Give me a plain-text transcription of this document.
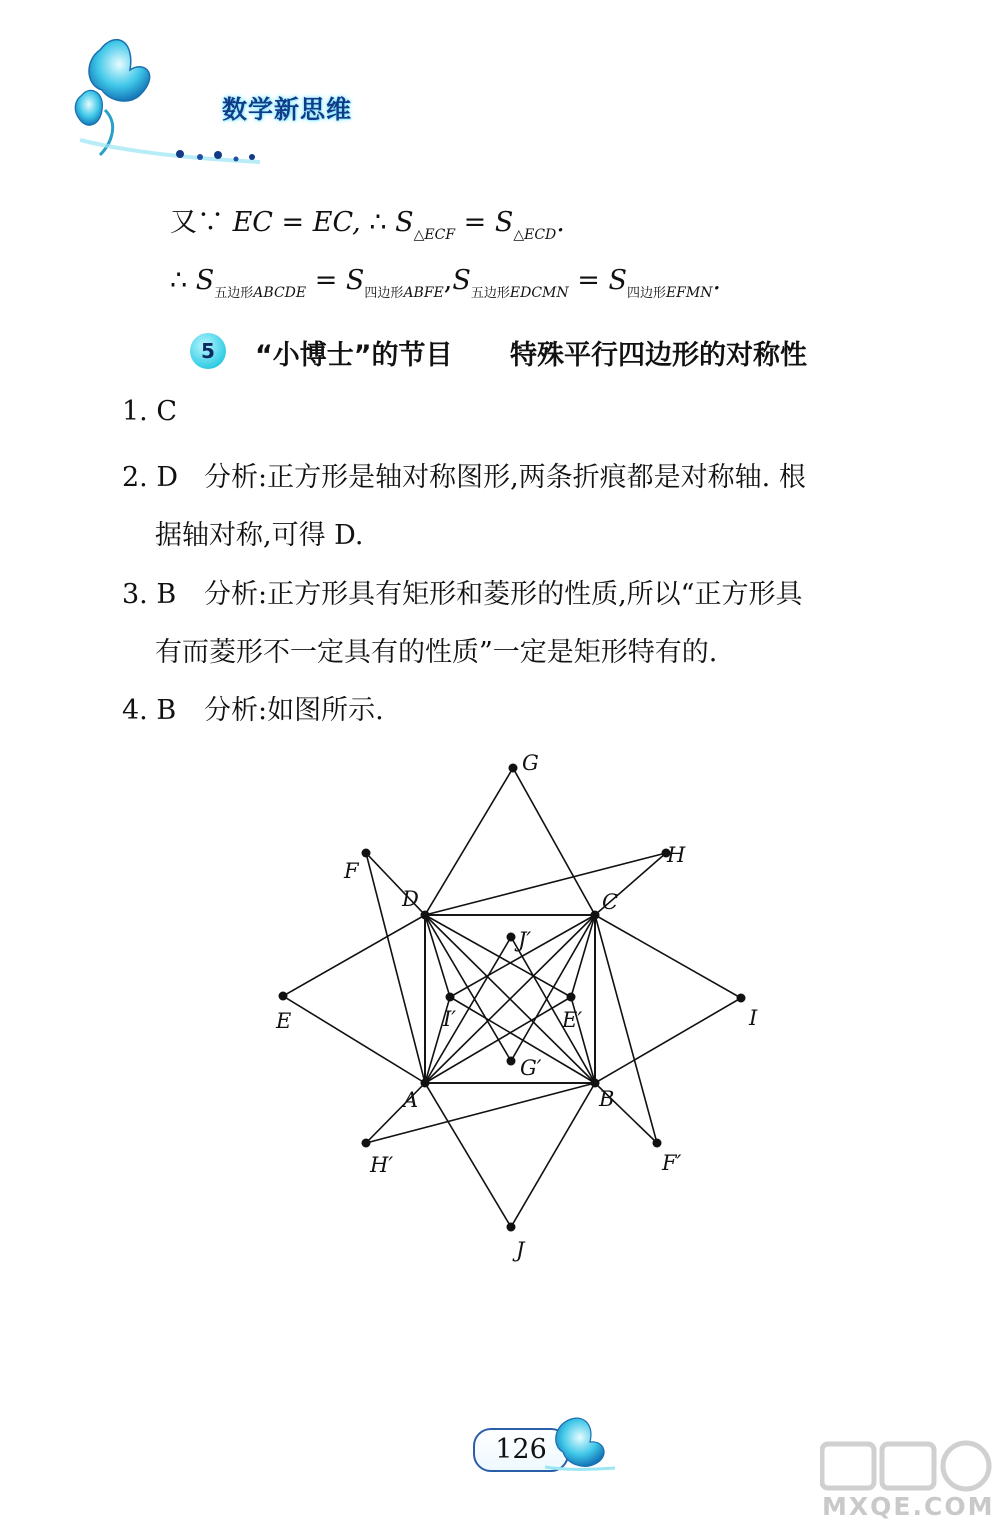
数学新思维
又∵ EC = EC, ∴ $S_{\triangle ECF} = S_{\triangle ECD}$.
∴ $S_{五边形ABCDE} = S_{四边形ABFE},S_{五边形EDCMN} = S_{四边形EFMN}$.
5	“小博士”的节目 特殊平行四边形的对称性
1. C
2. D 分析:正方形是轴对称图形,两条折痕都是对称轴. 根
据轴对称,可得 D.
3. B 分析:正方形具有矩形和菱形的性质,所以“正方形具
有而菱形不一定具有的性质”一定是矩形特有的.
4. B 分析:如图所示.
G
F
H
D	C
J′
E	I′	E′	I
G′
A	B
H′	F′
J
126
MXQE.COM
